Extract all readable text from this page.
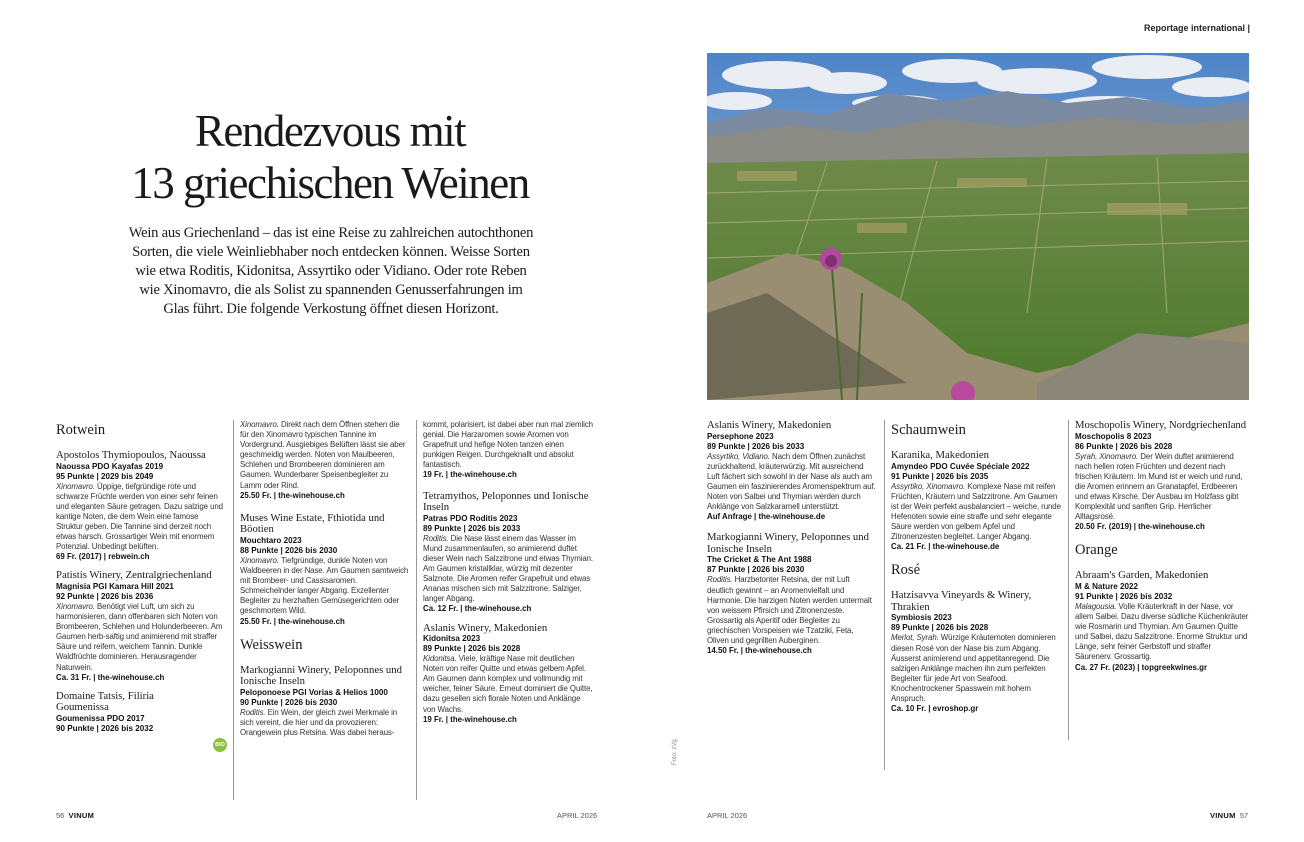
Reportage international |
Rendezvous mit
13 griechischen Weinen

Wein aus Griechenland – das ist eine Reise zu zahlreichen autochthonen Sorten, die viele Weinliebhaber noch entdecken können. Weisse Sorten wie etwa Roditis, Kidonitsa, Assyrtiko oder Vidiano. Oder rote Reben wie Xinomavro, die als Solist zu spannenden Genusserfahrungen im Glas führt. Die folgende Verkostung öffnet diesen Horizont.

Foto: zVg.
Rotwein
Apostolos Thymiopoulos, Naoussa
Naoussa PDO Kayafas 2019
95 Punkte | 2029 bis 2049

Xinomavro. Üppige, tiefgründige rote und schwarze Früchte werden von einer sehr feinen und eleganten Säure getragen. Dazu salzige und kantige Noten, die dem Wein eine famose Struktur geben. Die Tannine sind derzeit noch etwas harsch. Grossartiger Wein mit enormem Potenzial. Unbedingt belüften.

69 Fr. (2017) | rebwein.ch
Patistis Winery, Zentralgriechenland
Magnisia PGI Kamara Hill 2021
92 Punkte | 2026 bis 2036

Xinomavro. Benötigt viel Luft, um sich zu harmonisieren, dann offenbaren sich Noten von Brombeeren, Schlehen und Holunderbeeren. Am Gaumen herb-saftig und animierend mit straffer Säure und reifem, weichem Tannin. Dunkle Waldfrüchte dominieren. Herausragender Naturwein.

Ca. 31 Fr. | the-winehouse.ch
Domaine Tatsis, Filiria Goumenissa
Goumenissa PDO 2017
90 Punkte | 2026 bis 2032
BIO

Xinomavro. Direkt nach dem Öffnen stehen die für den Xinomavro typischen Tannine im Vordergrund. Ausgiebiges Belüften lässt sie aber geschmeidig werden. Noten von Maulbeeren, Schlehen und Brombeeren dominieren am Gaumen. Wunderbarer Speisenbegleiter zu Lamm oder Rind.

25.50 Fr. | the-winehouse.ch
Muses Wine Estate, Fthiotida und Böotien
Mouchtaro 2023
88 Punkte | 2026 bis 2030

Xinomavro. Tiefgründige, dunkle Noten von Waldbeeren in der Nase. Am Gaumen samtweich mit Brombeer- und Cassisaromen. Schmeichelnder langer Abgang. Exzellenter Begleiter zu herzhaften Gemüsegerichten oder geschmortem Wild.

25.50 Fr. | the-winehouse.ch
Weisswein
Markogianni Winery, Peloponnes und Ionische Inseln
Peloponoese PGI Vorias & Helios 1000
90 Punkte | 2026 bis 2030

Roditis. Ein Wein, der gleich zwei Merkmale in sich vereint, die hier und da provozieren: Orangewein plus Retsina. Was dabei heraus-

kommt, polarisiert, ist dabei aber nun mal ziemlich genial. Die Harzaromen sowie Aromen von Grapefruit und hefige Noten tanzen einen punkigen Reigen. Durchgeknallt und absolut fantastisch.

19 Fr. | the-winehouse.ch
Tetramythos, Peloponnes und Ionische Inseln
Patras PDO Roditis 2023
89 Punkte | 2026 bis 2033

Roditis. Die Nase lässt einem das Wasser im Mund zusammenlaufen, so animierend duftet dieser Wein nach Salzzitrone und etwas Thymian. Am Gaumen kristallklar, würzig mit dezenter Salznote. Die Aromen reifer Grapefruit und etwas Ananas mischen sich mit Salzzitrone. Salziger, langer Abgang.

Ca. 12 Fr. | the-winehouse.ch
Aslanis Winery, Makedonien
Kidonitsa 2023
89 Punkte | 2026 bis 2028

Kidonitsa. Viele, kräftige Nase mit deutlichen Noten von reifer Quitte und etwas gelbem Apfel. Am Gaumen dann komplex und vollmundig mit weicher, feiner Säure. Erneut dominiert die Quitte, dazu gesellen sich florale Noten und Anklänge von Wachs.

19 Fr. | the-winehouse.ch
Aslanis Winery, Makedonien
Persephone 2023
89 Punkte | 2026 bis 2033

Assyrtiko, Vidiano. Nach dem Öffnen zunächst zurückhaltend, kräuterwürzig. Mit ausreichend Luft fächert sich sowohl in der Nase als auch am Gaumen ein faszinierendes Aromenspektrum auf. Noten von Salbei und Thymian werden durch Anklänge von Salzkaramell unterstützt.

Auf Anfrage | the-winehouse.de
Markogianni Winery, Peloponnes und Ionische Inseln
The Cricket & The Ant 1988
87 Punkte | 2026 bis 2030

Roditis. Harzbetonter Retsina, der mit Luft deutlich gewinnt – an Aromenvielfalt und Harmonie. Die harzigen Noten werden untermalt von weissem Pfirsich und Zitronenzeste. Grossartig als Aperitif oder Begleiter zu griechischen Vorspeisen wie Tzatziki, Feta, Oliven und gegrillten Auberginen.

14.50 Fr. | the-winehouse.ch
Schaumwein
Karanika, Makedonien
Amyndeo PDO Cuvée Spéciale 2022
91 Punkte | 2026 bis 2035

Assyrtiko, Xinomavro. Komplexe Nase mit reifen Früchten, Kräutern und Salzzitrone. Am Gaumen ist der Wein perfekt ausbalanciert – weiche, runde Hefenoten sowie eine straffe und sehr elegante Säure werden von gelbem Apfel und Zitronenzesten begleitet. Langer Abgang.

Ca. 21 Fr. | the-winehouse.de
Rosé
Hatzisavva Vineyards & Winery, Thrakien
Symbiosis 2023
89 Punkte | 2026 bis 2028

Merlot, Syrah. Würzige Kräuternoten dominieren diesen Rosé von der Nase bis zum Abgang. Äusserst animierend und appetitanregend. Die salzigen Anklänge machen ihn zum perfekten Begleiter für jede Art von Seafood. Knochentrockener Spasswein mit hohem Anspruch.

Ca. 10 Fr. | evroshop.gr
Moschopolis Winery, Nordgriechenland
Moschopolis 8 2023
86 Punkte | 2026 bis 2028

Syrah, Xinomavro. Der Wein duftet animierend nach hellen roten Früchten und dezent nach frischen Kräutern. Im Mund ist er weich und rund, die Aromen erinnern an Granatapfel, Erdbeeren und etwas Kirsche. Der Ausbau im Holzfass gibt Komplexität und sanften Grip. Herrlicher Alltagsrosé.

20.50 Fr. (2019) | the-winehouse.ch
Orange
Abraam's Garden, Makedonien
M & Nature 2022
91 Punkte | 2026 bis 2032

Malagousia. Volle Kräuterkraft in der Nase, vor allem Salbei. Dazu diverse südliche Küchenkräuter wie Rosmarin und Thymian. Am Gaumen Quitte und Salbei, dazu Salzzitrone. Enorme Struktur und Länge, sehr feiner Gerbstoff und straffer Säurenerv. Grossartig.

Ca. 27 Fr. (2023) | topgreekwines.gr
56 VINUM	APRIL 2026	APRIL 2026	VINUM 57
